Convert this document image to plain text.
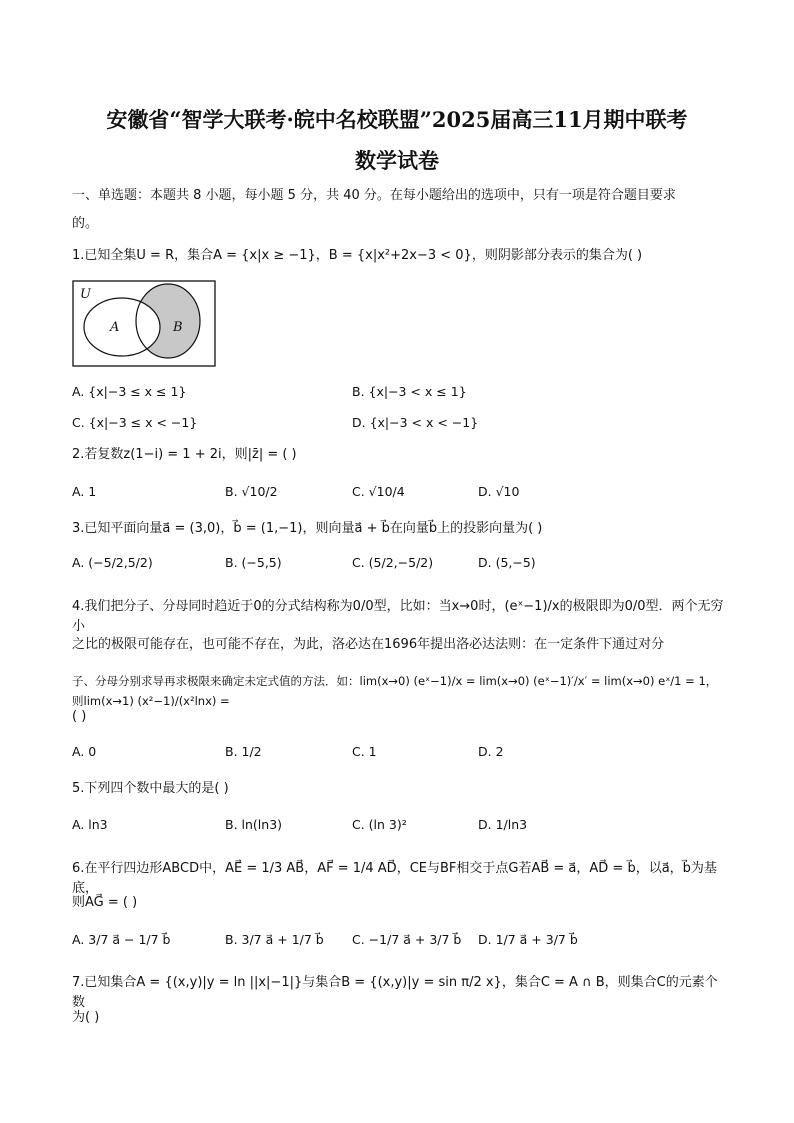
安徽省“智学大联考·皖中名校联盟”2025届高三11月期中联考
数学试卷
一、单选题：本题共 8 小题，每小题 5 分，共 40 分。在每小题给出的选项中，只有一项是符合题目要求
的。
1.已知全集U = R，集合A = {x|x ≥ −1}，B = {x|x²+2x−3 < 0}，则阴影部分表示的集合为( )
U
A	B
A. {x|−3 ≤ x ≤ 1}	B. {x|−3 < x ≤ 1}
C. {x|−3 ≤ x < −1}	D. {x|−3 < x < −1}
2.若复数z(1−i) = 1 + 2i，则|z̄| = ( )
A. 1	B. √10/2	C. √10/4	D. √10
3.已知平面向量a⃗ = (3,0)，b⃗ = (1,−1)，则向量a⃗ + b⃗在向量b⃗上的投影向量为( )
A. (−5/2,5/2)	B. (−5,5)	C. (5/2,−5/2)	D. (5,−5)
4.我们把分子、分母同时趋近于0的分式结构称为0/0型，比如：当x→0时，(eˣ−1)/x的极限即为0/0型．两个无穷小
之比的极限可能存在，也可能不存在，为此，洛必达在1696年提出洛必达法则：在一定条件下通过对分
子、分母分别求导再求极限来确定未定式值的方法．如：lim(x→0) (eˣ−1)/x = lim(x→0) (eˣ−1)′/x′ = lim(x→0) eˣ/1 = 1，则lim(x→1) (x²−1)/(x²lnx) =
( )
A. 0	B. 1/2	C. 1	D. 2
5.下列四个数中最大的是( )
A. ln3	B. ln(ln3)	C. (ln 3)²	D. 1/ln3
6.在平行四边形ABCD中，AE⃗ = 1/3 AB⃗，AF⃗ = 1/4 AD⃗，CE与BF相交于点G若AB⃗ = a⃗，AD⃗ = b⃗，以a⃗，b⃗为基底，
则AG⃗ = ( )
A. 3/7 a⃗ − 1/7 b⃗	B. 3/7 a⃗ + 1/7 b⃗ C. −1/7 a⃗ + 3/7 b⃗ D. 1/7 a⃗ + 3/7 b⃗
7.已知集合A = {(x,y)|y = ln ||x|−1|}与集合B = {(x,y)|y = sin π/2 x}，集合C = A ∩ B，则集合C的元素个数
为( )
